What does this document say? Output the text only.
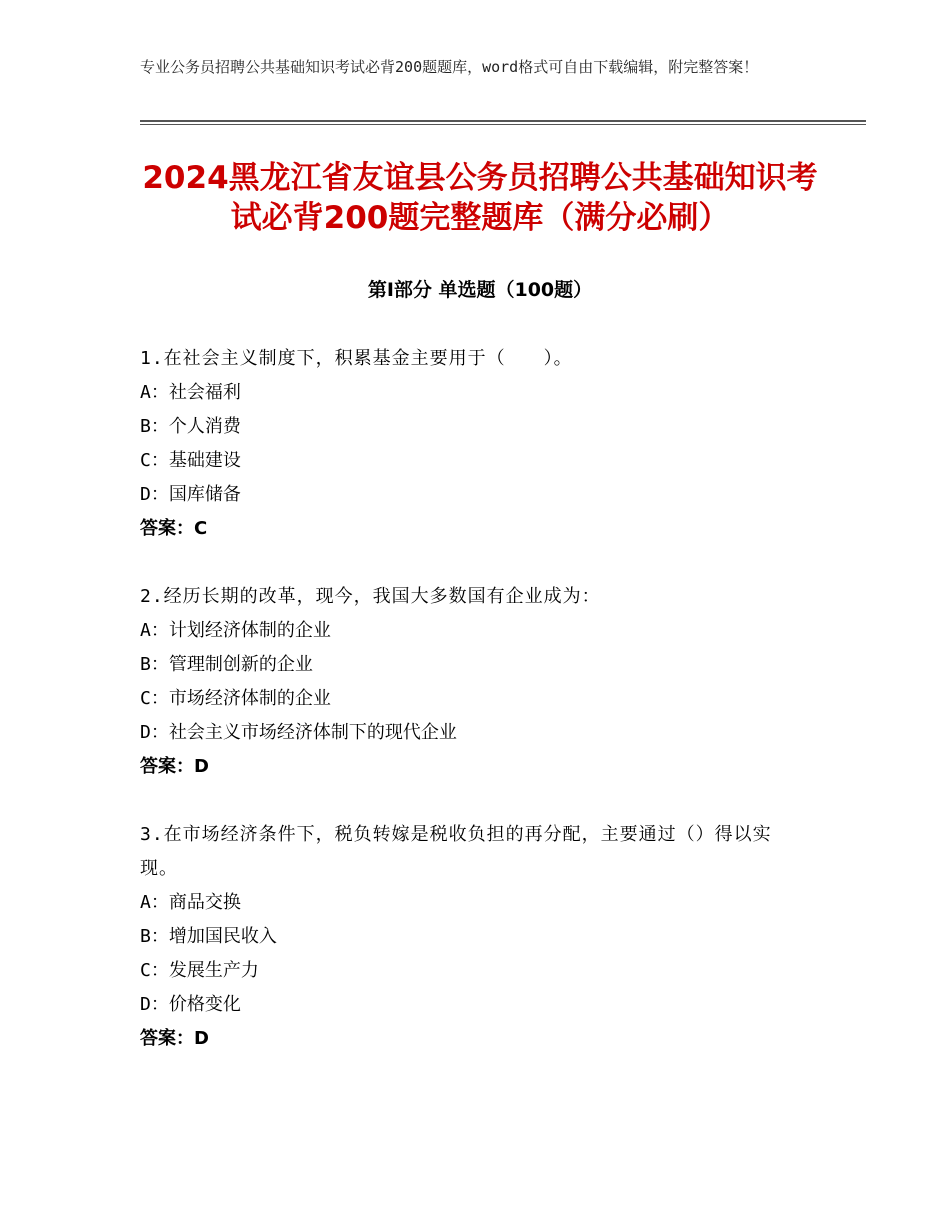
专业公务员招聘公共基础知识考试必背200题题库，word格式可自由下载编辑，附完整答案！
2024黑龙江省友谊县公务员招聘公共基础知识考试必背200题完整题库（满分必刷）
第Ⅰ部分 单选题（100题）
1.在社会主义制度下，积累基金主要用于（　　）。
A：社会福利
B：个人消费
C：基础建设
D：国库储备
答案：C
2.经历长期的改革，现今，我国大多数国有企业成为：
A：计划经济体制的企业
B：管理制创新的企业
C：市场经济体制的企业
D：社会主义市场经济体制下的现代企业
答案：D
3.在市场经济条件下，税负转嫁是税收负担的再分配，主要通过（）得以实现。
A：商品交换
B：增加国民收入
C：发展生产力
D：价格变化
答案：D
